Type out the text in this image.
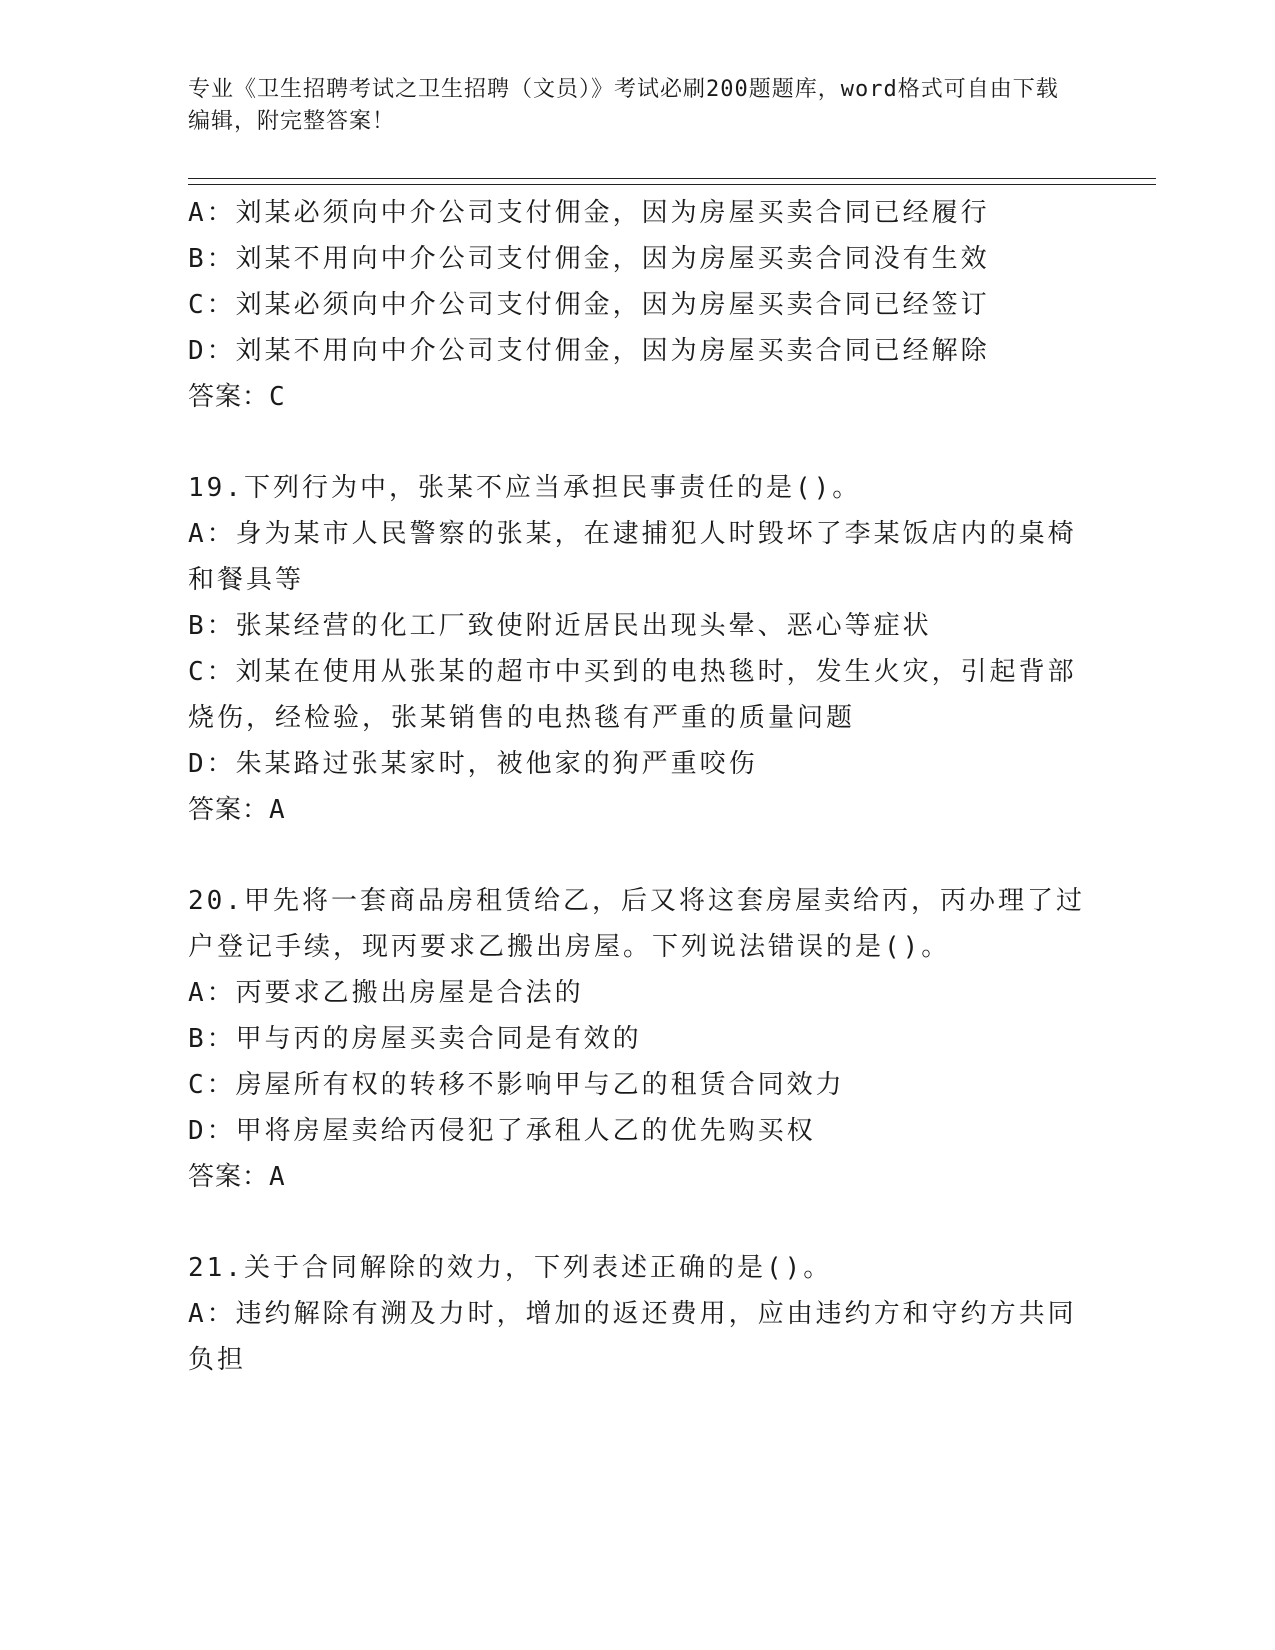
专业《卫生招聘考试之卫生招聘（文员）》考试必刷200题题库，word格式可自由下载编辑，附完整答案！
A：刘某必须向中介公司支付佣金，因为房屋买卖合同已经履行
B：刘某不用向中介公司支付佣金，因为房屋买卖合同没有生效
C：刘某必须向中介公司支付佣金，因为房屋买卖合同已经签订
D：刘某不用向中介公司支付佣金，因为房屋买卖合同已经解除
答案：C
19.下列行为中，张某不应当承担民事责任的是()。
A：身为某市人民警察的张某，在逮捕犯人时毁坏了李某饭店内的桌椅和餐具等
B：张某经营的化工厂致使附近居民出现头晕、恶心等症状
C：刘某在使用从张某的超市中买到的电热毯时，发生火灾，引起背部烧伤，经检验，张某销售的电热毯有严重的质量问题
D：朱某路过张某家时，被他家的狗严重咬伤
答案：A
20.甲先将一套商品房租赁给乙，后又将这套房屋卖给丙，丙办理了过户登记手续，现丙要求乙搬出房屋。下列说法错误的是()。
A：丙要求乙搬出房屋是合法的
B：甲与丙的房屋买卖合同是有效的
C：房屋所有权的转移不影响甲与乙的租赁合同效力
D：甲将房屋卖给丙侵犯了承租人乙的优先购买权
答案：A
21.关于合同解除的效力，下列表述正确的是()。
A：违约解除有溯及力时，增加的返还费用，应由违约方和守约方共同负担
